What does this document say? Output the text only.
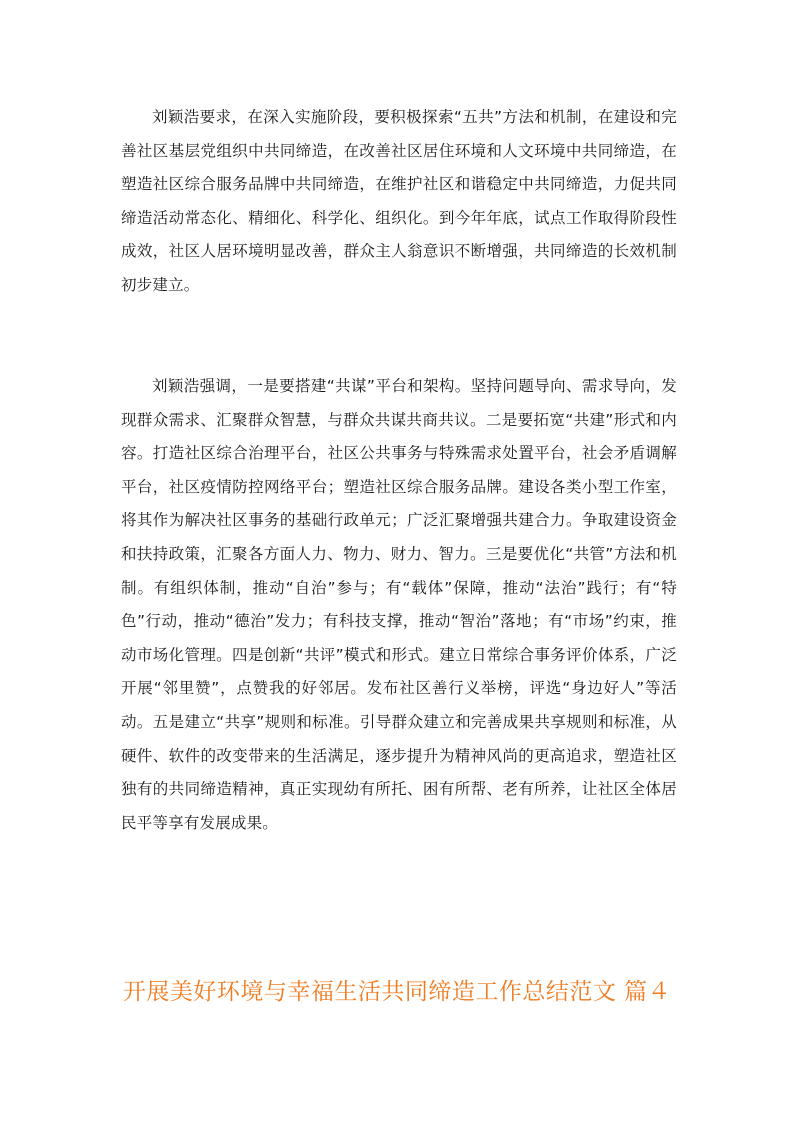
刘颖浩要求，在深入实施阶段，要积极探索“五共”方法和机制，在建设和完善社区基层党组织中共同缔造，在改善社区居住环境和人文环境中共同缔造，在塑造社区综合服务品牌中共同缔造，在维护社区和谐稳定中共同缔造，力促共同缔造活动常态化、精细化、科学化、组织化。到今年年底，试点工作取得阶段性成效，社区人居环境明显改善，群众主人翁意识不断增强，共同缔造的长效机制初步建立。

刘颖浩强调，一是要搭建“共谋”平台和架构。坚持问题导向、需求导向，发现群众需求、汇聚群众智慧，与群众共谋共商共议。二是要拓宽“共建”形式和内容。打造社区综合治理平台，社区公共事务与特殊需求处置平台，社会矛盾调解平台，社区疫情防控网络平台；塑造社区综合服务品牌。建设各类小型工作室，将其作为解决社区事务的基础行政单元；广泛汇聚增强共建合力。争取建设资金和扶持政策，汇聚各方面人力、物力、财力、智力。三是要优化“共管”方法和机制。有组织体制，推动“自治”参与；有“载体”保障，推动“法治”践行；有“特色”行动，推动“德治”发力；有科技支撑，推动“智治”落地；有“市场”约束，推动市场化管理。四是创新“共评”模式和形式。建立日常综合事务评价体系，广泛开展“邻里赞”，点赞我的好邻居。发布社区善行义举榜，评选“身边好人”等活动。五是建立“共享”规则和标准。引导群众建立和完善成果共享规则和标准，从硬件、软件的改变带来的生活满足，逐步提升为精神风尚的更高追求，塑造社区独有的共同缔造精神，真正实现幼有所托、困有所帮、老有所养，让社区全体居民平等享有发展成果。

开展美好环境与幸福生活共同缔造工作总结范文 篇４
